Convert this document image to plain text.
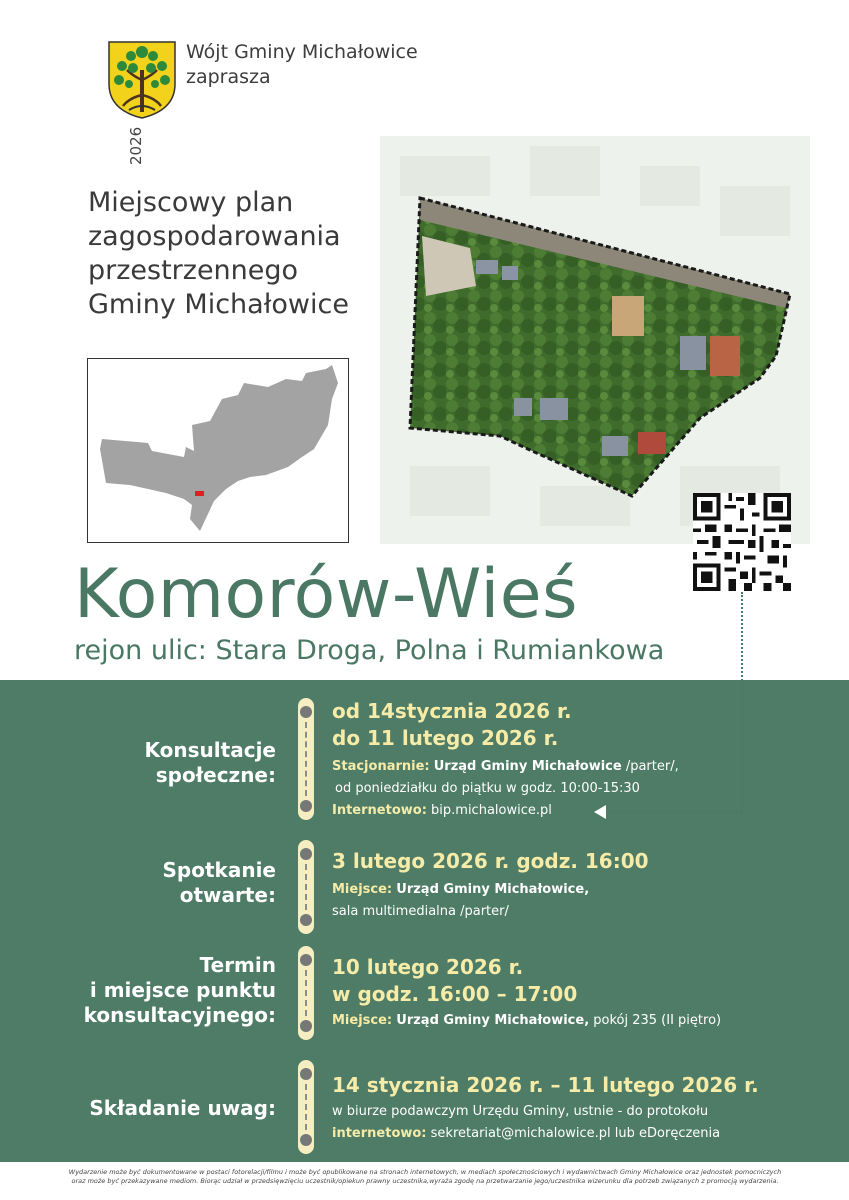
2026
Wójt Gminy Michałowice
zaprasza
Miejscowy plan
zagospodarowania
przestrzennego
Gminy Michałowice
Komorów-Wieś
rejon ulic: Stara Droga, Polna i Rumiankowa
Konsultacje
społeczne:
od 14stycznia 2026 r.
do 11 lutego 2026 r.
Stacjonarnie: Urząd Gminy Michałowice /parter/,
od poniedziałku do piątku w godz. 10:00-15:30
Internetowo: bip.michalowice.pl
Spotkanie
otwarte:
3 lutego 2026 r. godz. 16:00
Miejsce: Urząd Gminy Michałowice,
sala multimedialna /parter/
Termin
i miejsce punktu
konsultacyjnego:
10 lutego 2026 r.
w godz. 16:00 – 17:00
Miejsce: Urząd Gminy Michałowice, pokój 235 (II piętro)
Składanie uwag:
14 stycznia 2026 r. – 11 lutego 2026 r.
w biurze podawczym Urzędu Gminy, ustnie - do protokołu
internetowo: sekretariat@michalowice.pl lub eDoręczenia
Wydarzenie może być dokumentowane w postaci fotorelacji/filmu i może być opublikowane na stronach internetowych, w mediach społecznościowych i wydawnictwach Gminy Michałowice oraz jednostek pomocniczych
oraz może być przekazywane mediom. Biorąc udział w przedsięwzięciu uczestnik/opiekun prawny uczestnika,wyraża zgodę na przetwarzanie jego/uczestnika wizerunku dla potrzeb związanych z promocją wydarzenia.
